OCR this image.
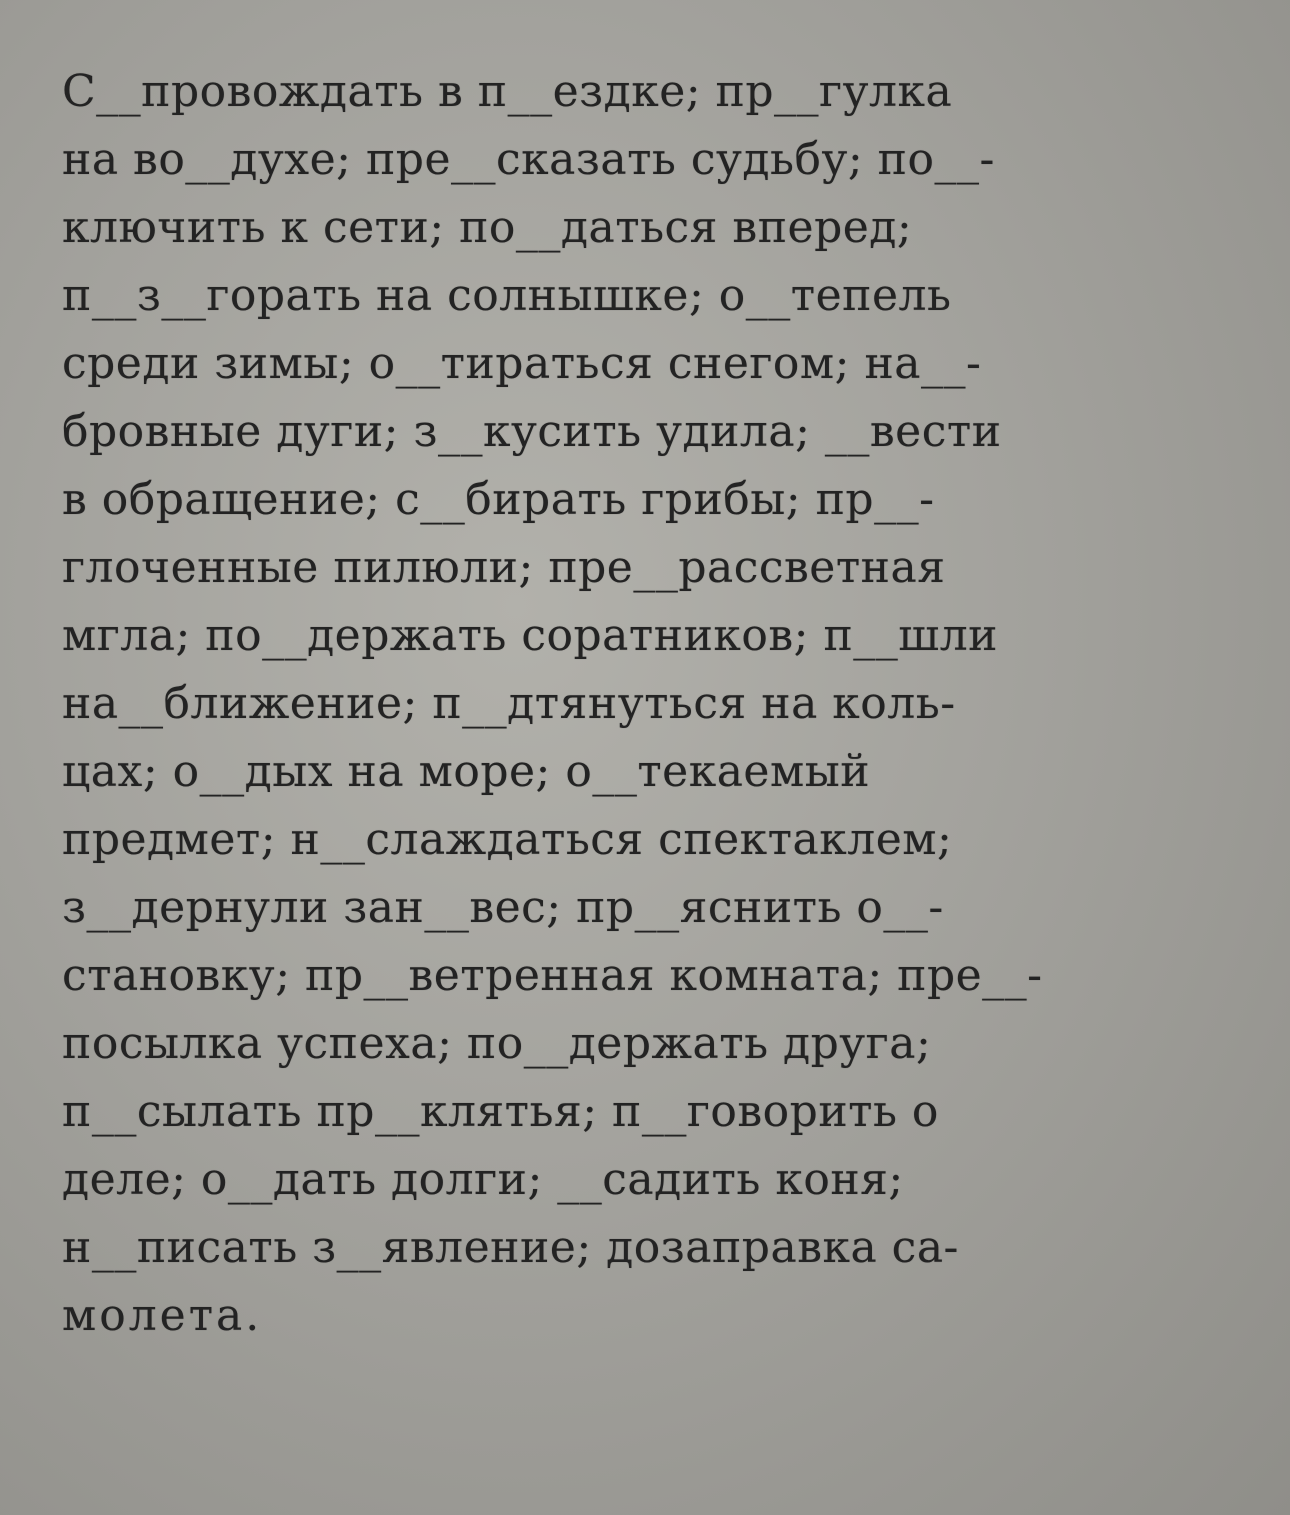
С__провождать в п__ездке; пр__гулка
на во__духе; пре__сказать судьбу; по__-
ключить к сети; по__даться вперед;
п__з__горать на солнышке; о__тепель
среди зимы; о__тираться снегом; на__-
бровные дуги; з__кусить удила; __вести
в обращение; с__бирать грибы; пр__-
глоченные пилюли; пре__рассветная
мгла; по__держать соратников; п__шли
на__ближение; п__дтянуться на коль-
цах; о__дых на море; о__текаемый
предмет; н__слаждаться спектаклем;
з__дернули зан__вес; пр__яснить о__-
становку; пр__ветренная комната; пре__-
посылка успеха; по__держать друга;
п__сылать пр__клятья; п__говорить о
деле; о__дать долги; __садить коня;
н__писать з__явление; дозаправка са-
молета.
